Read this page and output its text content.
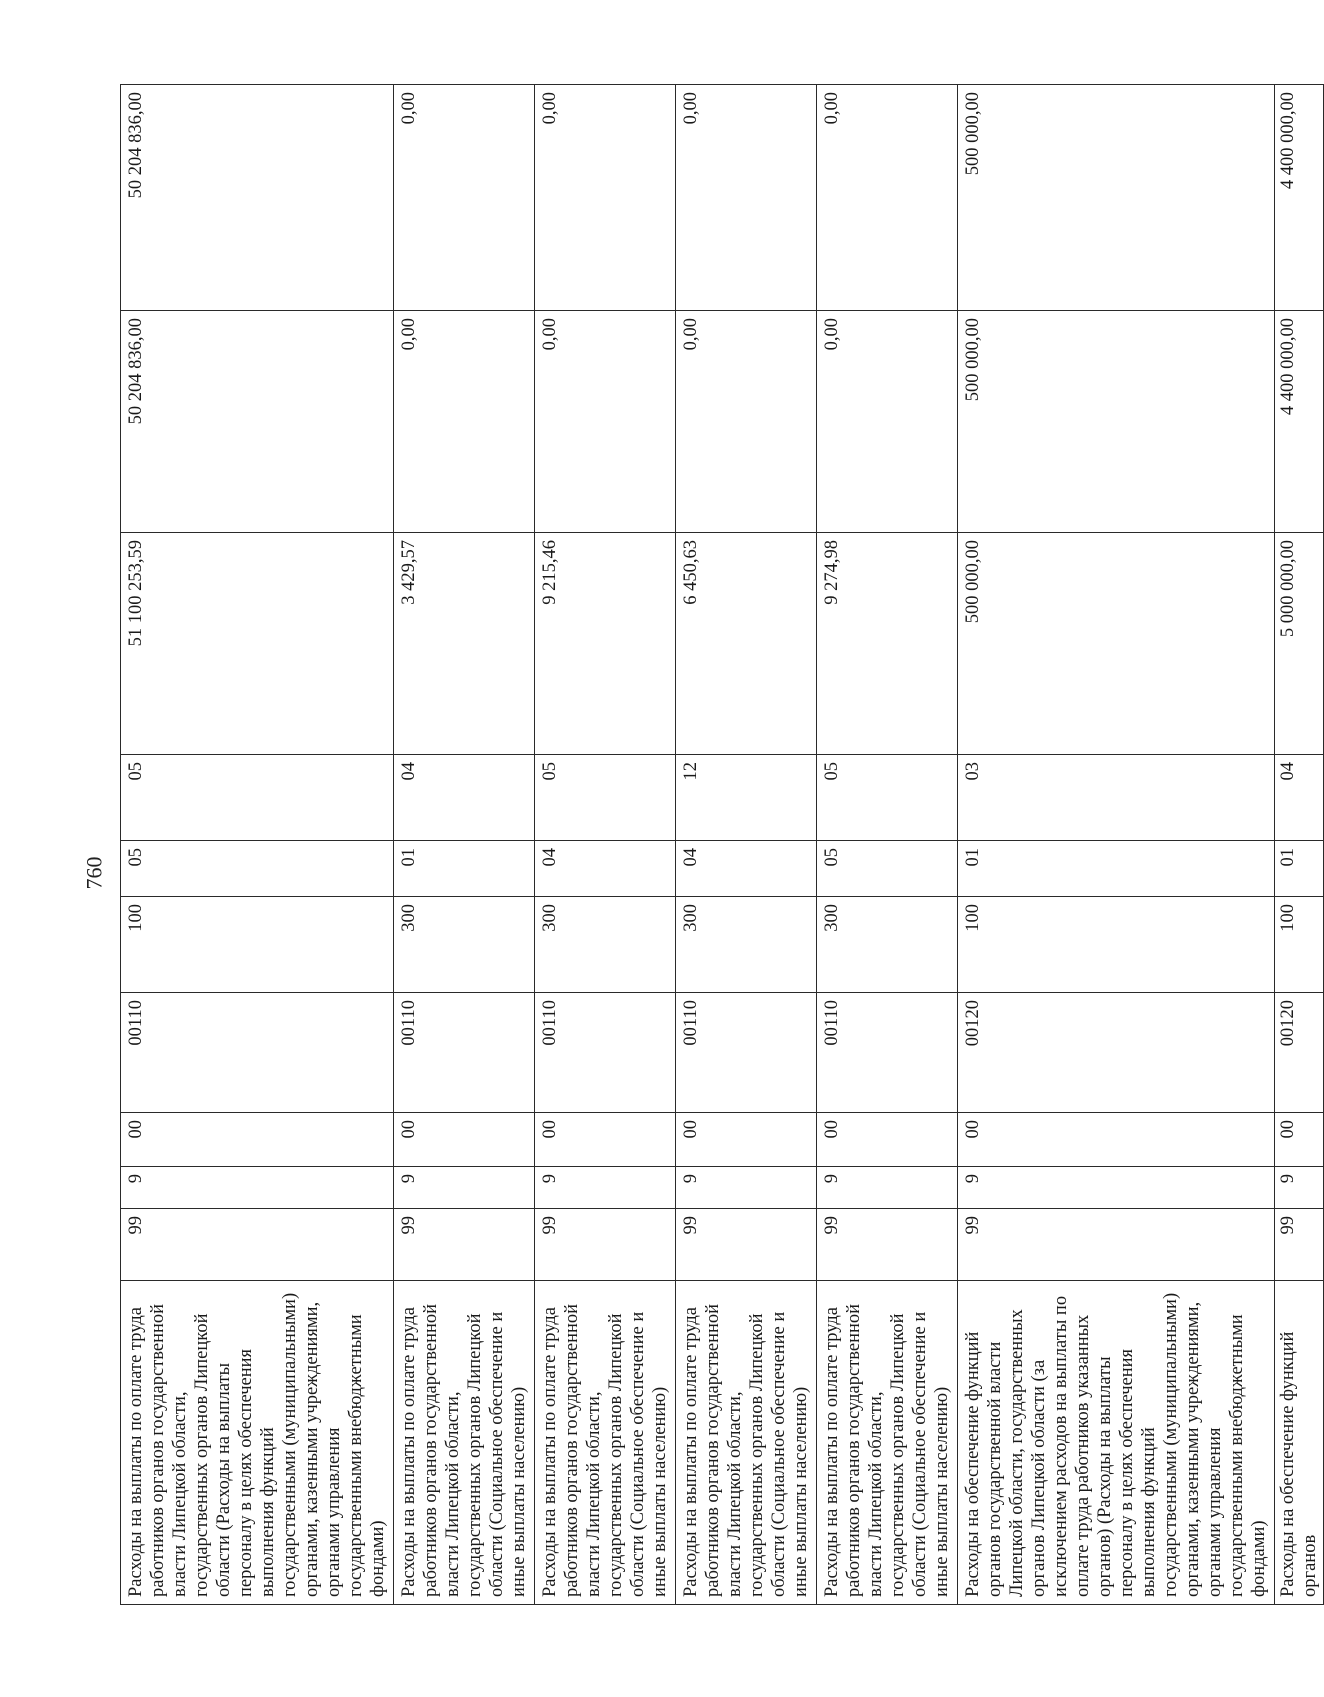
760
Расходы на выплаты по оплате труда работников органов государственной власти Липецкой области, государственных органов Липецкой области (Расходы на выплаты персоналу в целях обеспечения выполнения функций государственными (муниципальными) органами, казенными учреждениями, органами управления государственными внебюджетными фондами)	99	9	00	00110	100	05	05	51 100 253,59	50 204 836,00	50 204 836,00
Расходы на выплаты по оплате труда работников органов государственной власти Липецкой области, государственных органов Липецкой области (Социальное обеспечение и иные выплаты населению)	99	9	00	00110	300	01	04	3 429,57	0,00	0,00
Расходы на выплаты по оплате труда работников органов государственной власти Липецкой области, государственных органов Липецкой области (Социальное обеспечение и иные выплаты населению)	99	9	00	00110	300	04	05	9 215,46	0,00	0,00
Расходы на выплаты по оплате труда работников органов государственной власти Липецкой области, государственных органов Липецкой области (Социальное обеспечение и иные выплаты населению)	99	9	00	00110	300	04	12	6 450,63	0,00	0,00
Расходы на выплаты по оплате труда работников органов государственной власти Липецкой области, государственных органов Липецкой области (Социальное обеспечение и иные выплаты населению)	99	9	00	00110	300	05	05	9 274,98	0,00	0,00
Расходы на обеспечение функций органов государственной власти Липецкой области, государственных органов Липецкой области (за исключением расходов на выплаты по оплате труда работников указанных органов) (Расходы на выплаты персоналу в целях обеспечения выполнения функций государственными (муниципальными) органами, казенными учреждениями, органами управления государственными внебюджетными фондами)	99	9	00	00120	100	01	03	500 000,00	500 000,00	500 000,00
Расходы на обеспечение функций органов	99	9	00	00120	100	01	04	5 000 000,00	4 400 000,00	4 400 000,00
